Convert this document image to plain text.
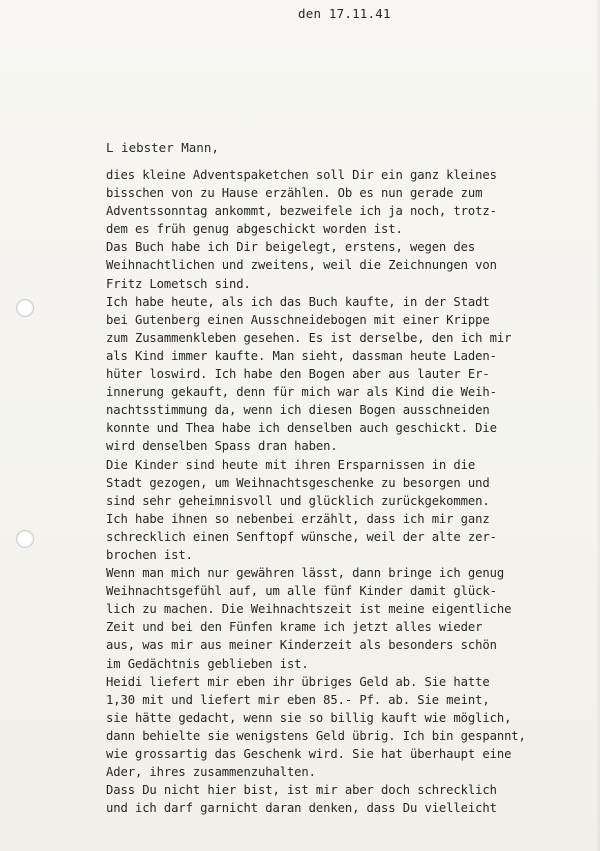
den 17.11.41
L iebster Mann,
dies kleine Adventspaketchen soll Dir ein ganz kleines
bisschen von zu Hause erzählen. Ob es nun gerade zum
Adventssonntag ankommt, bezweifele ich ja noch, trotz-
dem es früh genug abgeschickt worden ist.
Das Buch habe ich Dir beigelegt, erstens, wegen des
Weihnachtlichen und zweitens, weil die Zeichnungen von
Fritz Lometsch sind.
Ich habe heute, als ich das Buch kaufte, in der Stadt
bei Gutenberg einen Ausschneidebogen mit einer Krippe
zum Zusammenkleben gesehen. Es ist derselbe, den ich mir
als Kind immer kaufte. Man sieht, dassman heute Laden-
hüter loswird. Ich habe den Bogen aber aus lauter Er-
innerung gekauft, denn für mich war als Kind die Weih-
nachtsstimmung da, wenn ich diesen Bogen ausschneiden
konnte und Thea habe ich denselben auch geschickt. Die
wird denselben Spass dran haben.
Die Kinder sind heute mit ihren Ersparnissen in die
Stadt gezogen, um Weihnachtsgeschenke zu besorgen und
sind sehr geheimnisvoll und glücklich zurückgekommen.
Ich habe ihnen so nebenbei erzählt, dass ich mir ganz
schrecklich einen Senftopf wünsche, weil der alte zer-
brochen ist.
Wenn man mich nur gewähren lässt, dann bringe ich genug
Weihnachtsgefühl auf, um alle fünf Kinder damit glück-
lich zu machen. Die Weihnachtszeit ist meine eigentliche
Zeit und bei den Fünfen krame ich jetzt alles wieder
aus, was mir aus meiner Kinderzeit als besonders schön
im Gedächtnis geblieben ist.
Heidi liefert mir eben ihr übriges Geld ab. Sie hatte
1,30 mit und liefert mir eben 85.- Pf. ab. Sie meint,
sie hätte gedacht, wenn sie so billig kauft wie möglich,
dann behielte sie wenigstens Geld übrig. Ich bin gespannt,
wie grossartig das Geschenk wird. Sie hat überhaupt eine
Ader, ihres zusammenzuhalten.
Dass Du nicht hier bist, ist mir aber doch schrecklich
und ich darf garnicht daran denken, dass Du vielleicht
